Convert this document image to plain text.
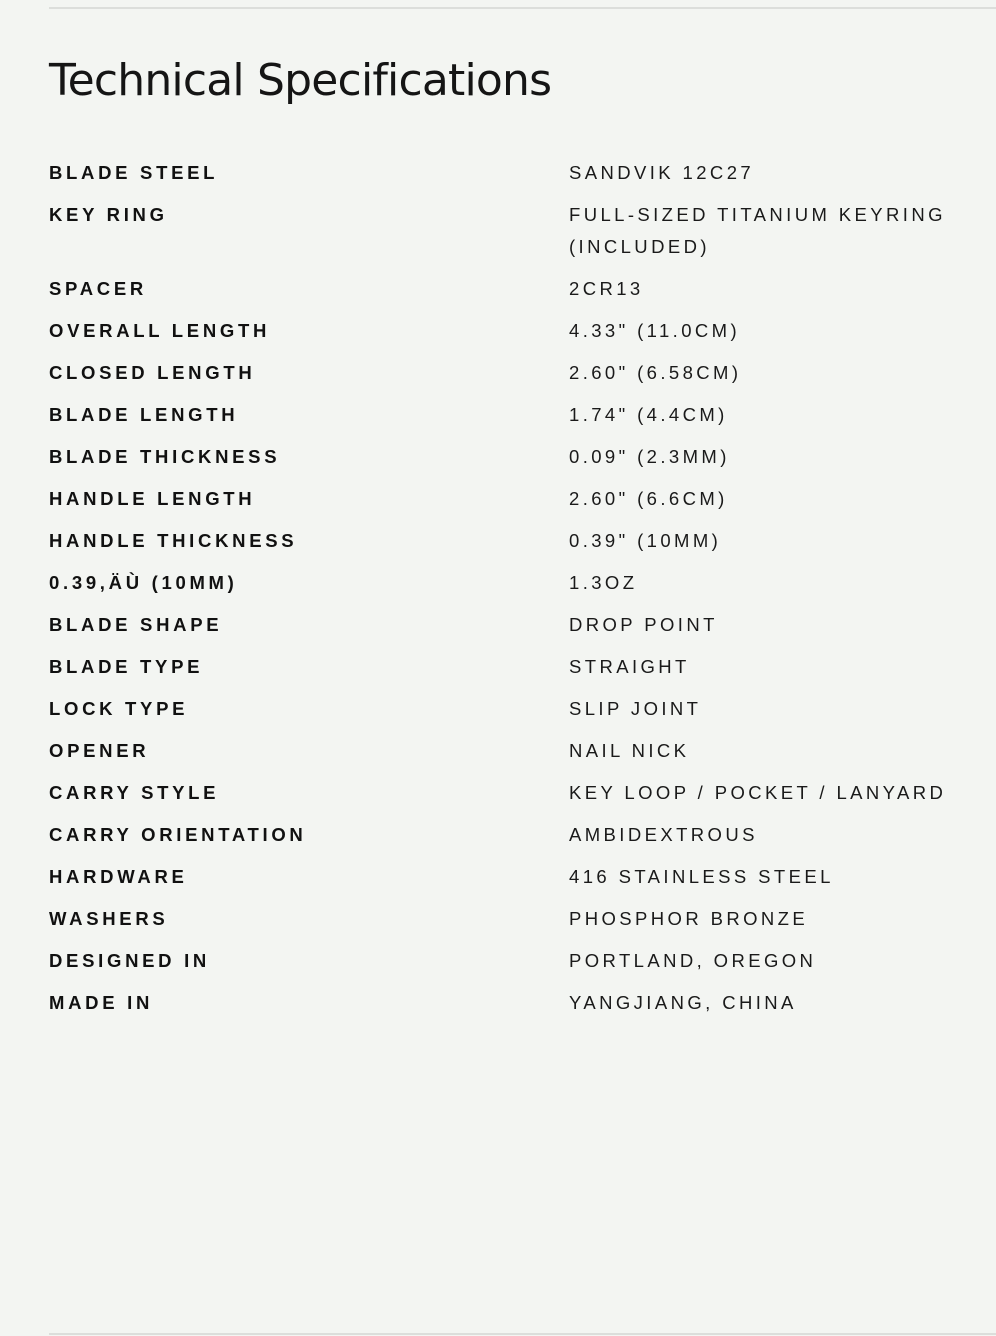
Technical Specifications
BLADE STEEL	SANDVIK 12C27
KEY RING	FULL-SIZED TITANIUM KEYRING (INCLUDED)
SPACER	2CR13
OVERALL LENGTH	4.33" (11.0CM)
CLOSED LENGTH	2.60" (6.58CM)
BLADE LENGTH	1.74" (4.4CM)
BLADE THICKNESS	0.09" (2.3MM)
HANDLE LENGTH	2.60" (6.6CM)
HANDLE THICKNESS	0.39" (10MM)
0.39,ÄÙ (10MM)	1.3OZ
BLADE SHAPE	DROP POINT
BLADE TYPE	STRAIGHT
LOCK TYPE	SLIP JOINT
OPENER	NAIL NICK
CARRY STYLE	KEY LOOP / POCKET / LANYARD
CARRY ORIENTATION	AMBIDEXTROUS
HARDWARE	416 STAINLESS STEEL
WASHERS	PHOSPHOR BRONZE
DESIGNED IN	PORTLAND, OREGON
MADE IN	YANGJIANG, CHINA
